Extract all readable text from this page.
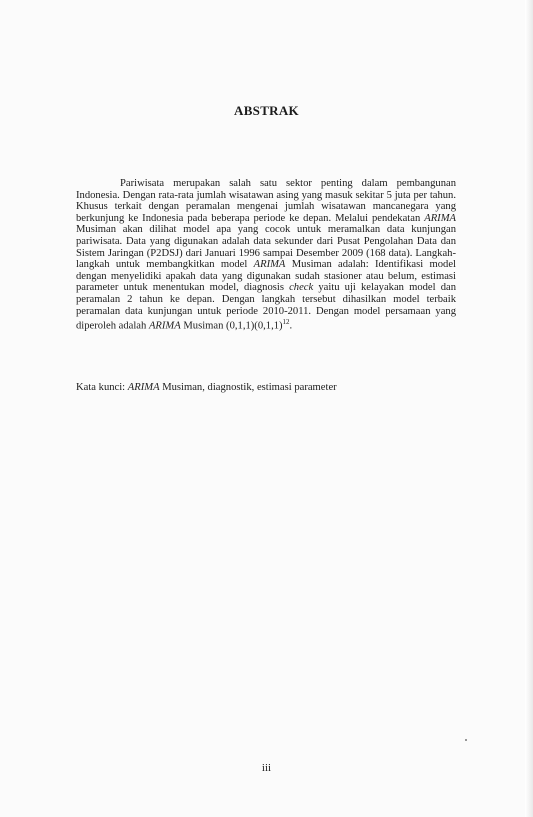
ABSTRAK

Pariwisata merupakan salah satu sektor penting dalam pembangunan Indonesia. Dengan rata-rata jumlah wisatawan asing yang masuk sekitar 5 juta per tahun. Khusus terkait dengan peramalan mengenai jumlah wisatawan mancanegara yang berkunjung ke Indonesia pada beberapa periode ke depan. Melalui pendekatan ARIMA Musiman akan dilihat model apa yang cocok untuk meramalkan data kunjungan pariwisata. Data yang digunakan adalah data sekunder dari Pusat Pengolahan Data dan Sistem Jaringan (P2DSJ) dari Januari 1996 sampai Desember 2009 (168 data). Langkah-langkah untuk membangkitkan model ARIMA Musiman adalah: Identifikasi model dengan menyelidiki apakah data yang digunakan sudah stasioner atau belum, estimasi parameter untuk menentukan model, diagnosis check yaitu uji kelayakan model dan peramalan 2 tahun ke depan. Dengan langkah tersebut dihasilkan model terbaik peramalan data kunjungan untuk periode 2010-2011. Dengan model persamaan yang diperoleh adalah ARIMA Musiman $(0,1,1)(0,1,1)^{12}$.

Kata kunci: ARIMA Musiman, diagnostik, estimasi parameter
iii
